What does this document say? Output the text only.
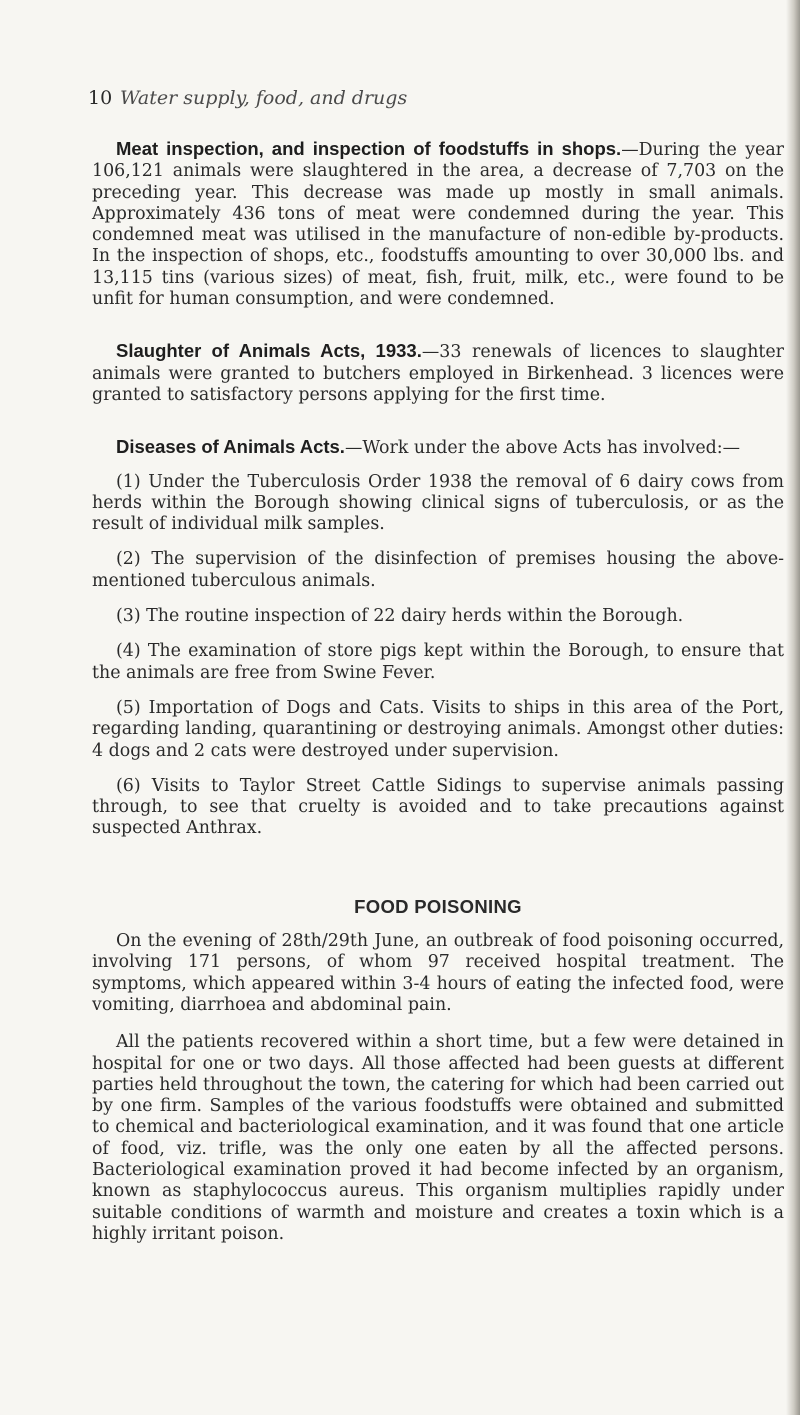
10 Water supply, food, and drugs

Meat inspection, and inspection of foodstuffs in shops.—During the year 106,121 animals were slaughtered in the area, a decrease of 7,703 on the preceding year. This decrease was made up mostly in small animals. Approximately 436 tons of meat were condemned during the year. This condemned meat was utilised in the manufacture of non-edible by-products. In the inspection of shops, etc., foodstuffs amounting to over 30,000 lbs. and 13,115 tins (various sizes) of meat, fish, fruit, milk, etc., were found to be unfit for human consumption, and were condemned.

Slaughter of Animals Acts, 1933.—33 renewals of licences to slaughter animals were granted to butchers employed in Birkenhead. 3 licences were granted to satisfactory persons applying for the first time.

Diseases of Animals Acts.—Work under the above Acts has involved:—

(1) Under the Tuberculosis Order 1938 the removal of 6 dairy cows from herds within the Borough showing clinical signs of tuberculosis, or as the result of individual milk samples.

(2) The supervision of the disinfection of premises housing the above-mentioned tuberculous animals.

(3) The routine inspection of 22 dairy herds within the Borough.

(4) The examination of store pigs kept within the Borough, to ensure that the animals are free from Swine Fever.

(5) Importation of Dogs and Cats. Visits to ships in this area of the Port, regarding landing, quarantining or destroying animals. Amongst other duties: 4 dogs and 2 cats were destroyed under supervision.

(6) Visits to Taylor Street Cattle Sidings to supervise animals passing through, to see that cruelty is avoided and to take precautions against suspected Anthrax.

FOOD POISONING

On the evening of 28th/29th June, an outbreak of food poisoning occurred, involving 171 persons, of whom 97 received hospital treatment. The symptoms, which appeared within 3-4 hours of eating the infected food, were vomiting, diarrhoea and abdominal pain.

All the patients recovered within a short time, but a few were detained in hospital for one or two days. All those affected had been guests at different parties held throughout the town, the catering for which had been carried out by one firm. Samples of the various foodstuffs were obtained and submitted to chemical and bacteriological examination, and it was found that one article of food, viz. trifle, was the only one eaten by all the affected persons. Bacteriological examination proved it had become infected by an organism, known as staphylococcus aureus. This organism multiplies rapidly under suitable conditions of warmth and moisture and creates a toxin which is a highly irritant poison.
